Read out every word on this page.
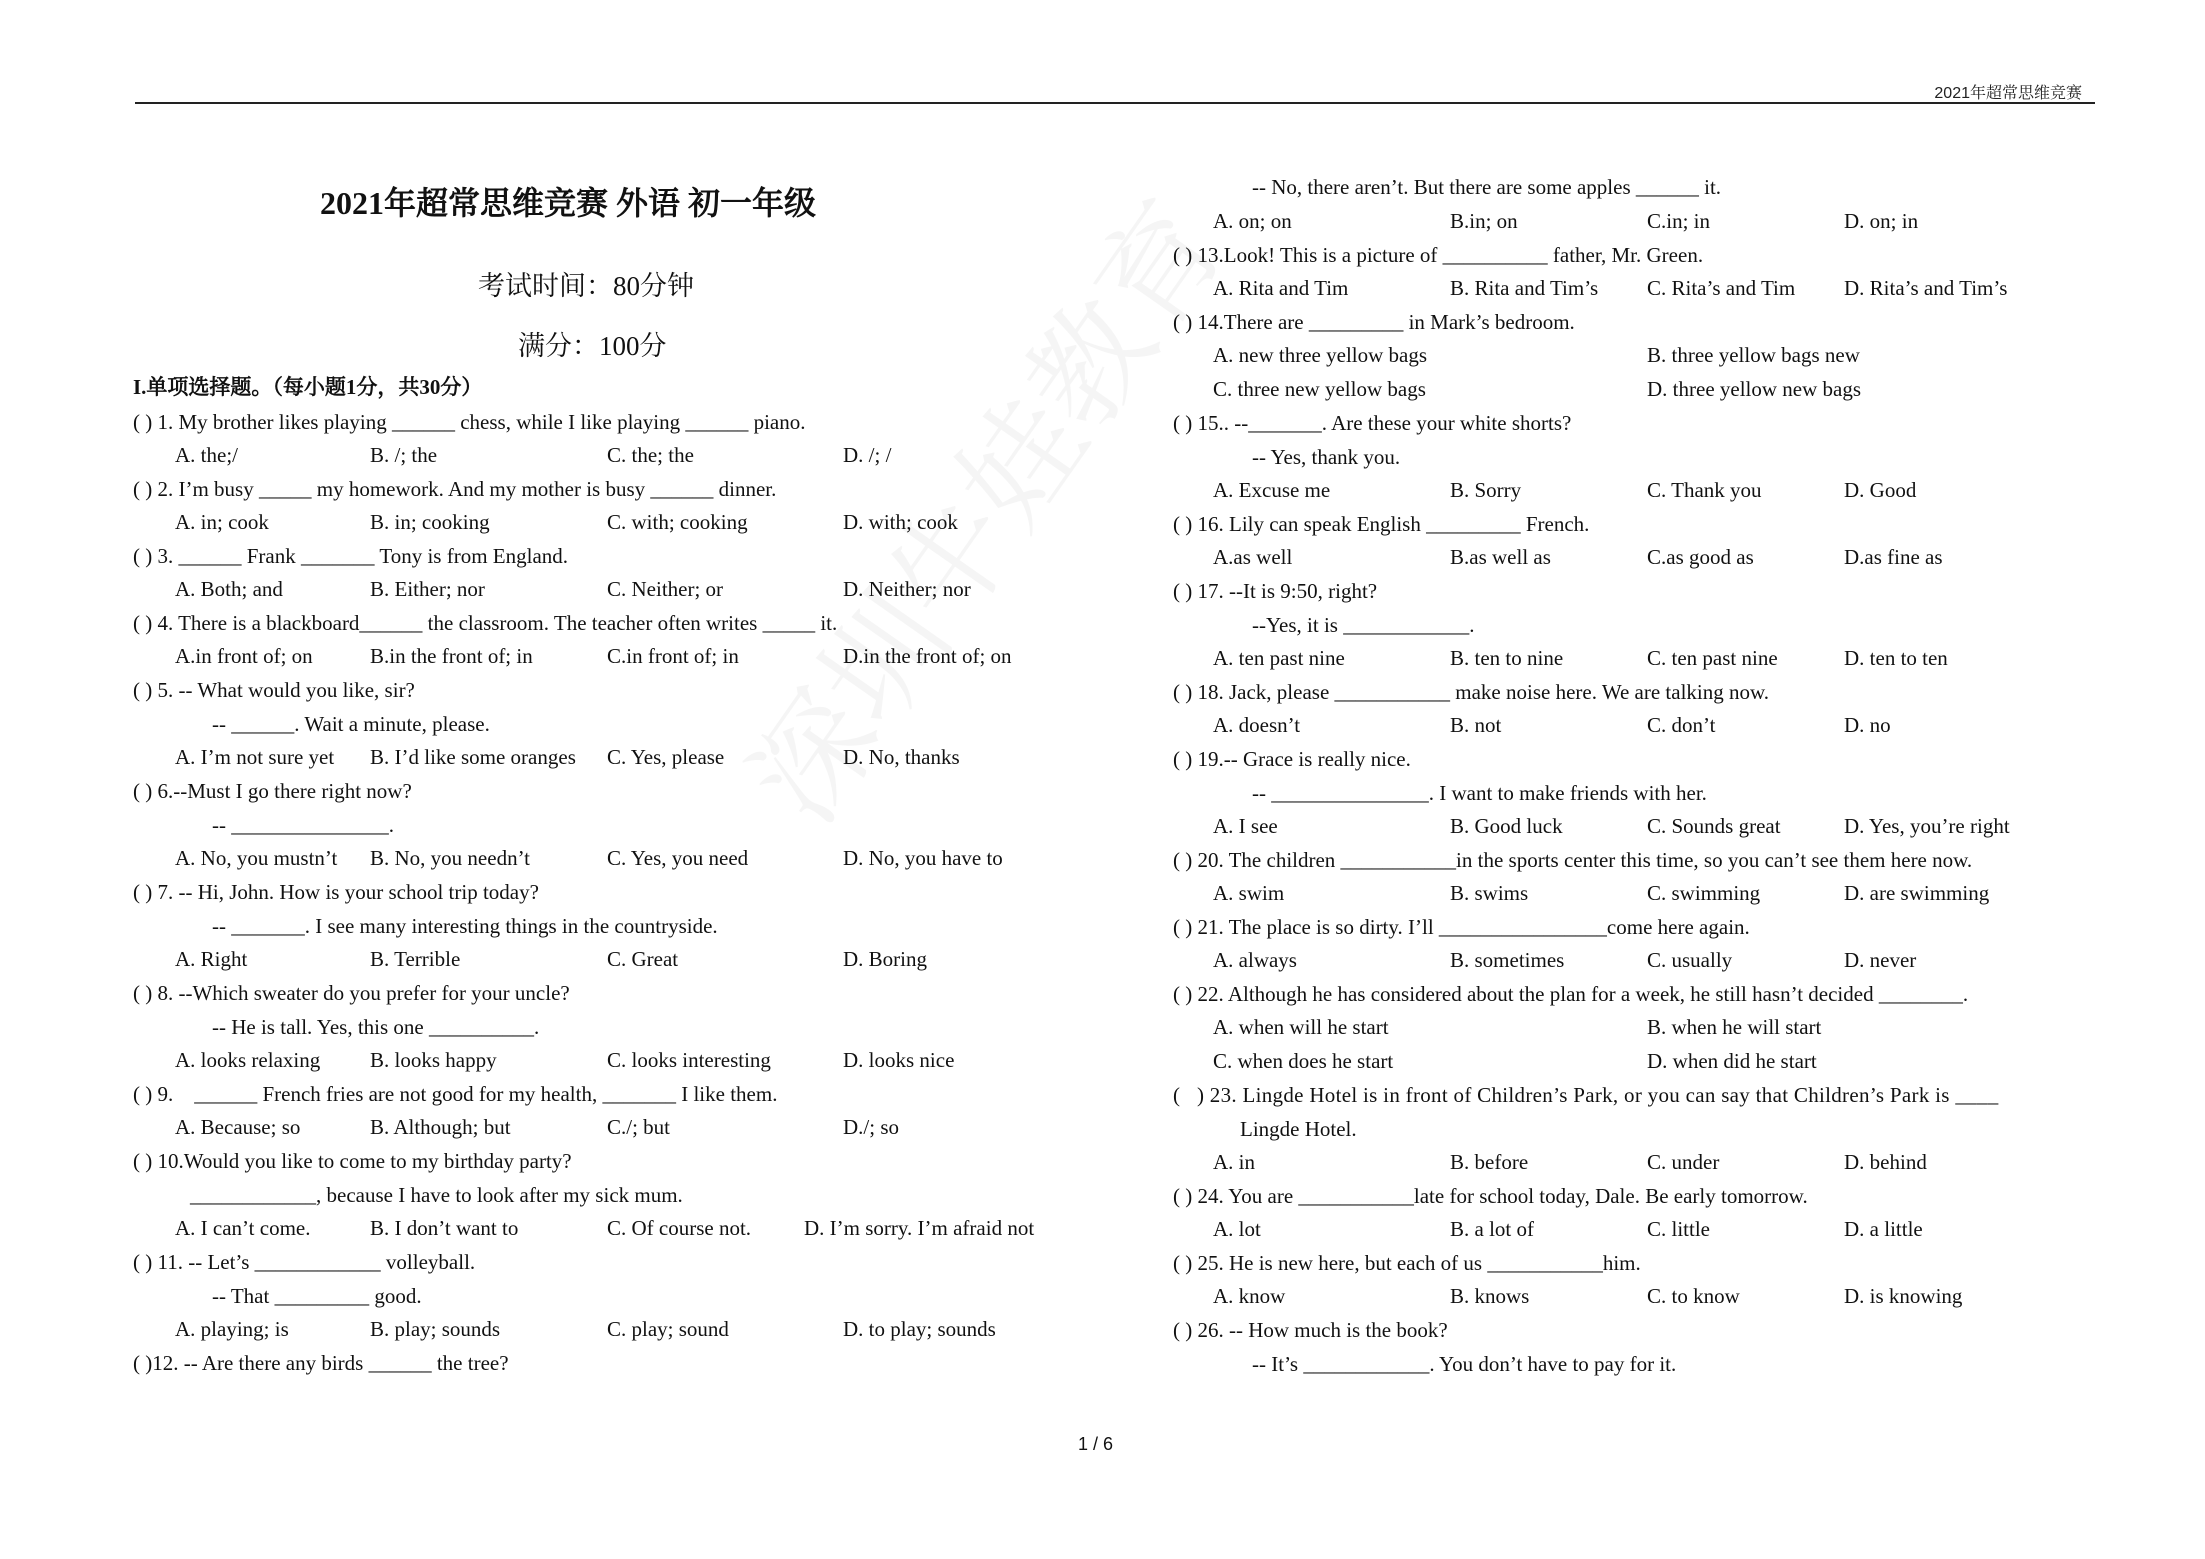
2021年超常思维竞赛
2021年超常思维竞赛 外语 初一年级
考试时间：80分钟
满分：100分
I.单项选择题。（每小题1分，共30分）
( ) 1. My brother likes playing ______ chess, while I like playing ______ piano.
A. the;/	B. /; the	C. the; the	D. /; /
( ) 2. I’m busy _____ my homework. And my mother is busy ______ dinner.
A. in; cook	B. in; cooking	C. with; cooking	D. with; cook
( ) 3. ______ Frank _______ Tony is from England.
A. Both; and	B. Either; nor	C. Neither; or	D. Neither; nor
( ) 4. There is a blackboard______ the classroom. The teacher often writes _____ it.
A.in front of; on	B.in the front of; in	C.in front of; in	D.in the front of; on
( ) 5. -- What would you like, sir?
-- ______. Wait a minute, please.
A. I’m not sure yet B. I’d like some oranges C. Yes, please	D. No, thanks
( ) 6.--Must I go there right now?
-- _______________.
A. No, you mustn’t B. No, you needn’t	C. Yes, you need	D. No, you have to
( ) 7. -- Hi, John. How is your school trip today?
-- _______. I see many interesting things in the countryside.
A. Right	B. Terrible	C. Great	D. Boring
( ) 8. --Which sweater do you prefer for your uncle?
-- He is tall. Yes, this one __________.
A. looks relaxing B. looks happy	C. looks interesting	D. looks nice
( ) 9.    ______ French fries are not good for my health, _______ I like them.
A. Because; so	B. Although; but	C./; but	D./; so
( ) 10.Would you like to come to my birthday party?
____________, because I have to look after my sick mum.
A. I can’t come.	B. I don’t want to	C. Of course not.	D. I’m sorry. I’m afraid not
( ) 11. -- Let’s ____________ volleyball.
-- That _________ good.
A. playing; is	B. play; sounds	C. play; sound	D. to play; sounds
( )12. -- Are there any birds ______ the tree?
-- No, there aren’t. But there are some apples ______ it.
A. on; on	B.in; on	C.in; in	D. on; in
( ) 13.Look! This is a picture of __________ father, Mr. Green.
A. Rita and Tim	B. Rita and Tim’s C. Rita’s and Tim D. Rita’s and Tim’s
( ) 14.There are _________ in Mark’s bedroom.
A. new three yellow bags	B. three yellow bags new
C. three new yellow bags	D. three yellow new bags
( ) 15.. --_______. Are these your white shorts?
-- Yes, thank you.
A. Excuse me	B. Sorry	C. Thank you	D. Good
( ) 16. Lily can speak English _________ French.
A.as well	B.as well as	C.as good as	D.as fine as
( ) 17. --It is 9:50, right?
--Yes, it is ____________.
A. ten past nine	B. ten to nine	C. ten past nine	D. ten to ten
( ) 18. Jack, please ___________ make noise here. We are talking now.
A. doesn’t	B. not	C. don’t	D. no
( ) 19.-- Grace is really nice.
-- _______________. I want to make friends with her.
A. I see	B. Good luck	C. Sounds great	D. Yes, you’re right
( ) 20. The children ___________in the sports center this time, so you can’t see them here now.
A. swim	B. swims	C. swimming	D. are swimming
( ) 21. The place is so dirty. I’ll ________________come here again.
A. always	B. sometimes	C. usually	D. never
( ) 22. Although he has considered about the plan for a week, he still hasn’t decided ________.
A. when will he start	B. when he will start
C. when does he start	D. when did he start
(   ) 23. Lingde Hotel is in front of Children’s Park, or you can say that Children’s Park is ____
Lingde Hotel.
A. in	B. before	C. under	D. behind
( ) 24. You are ___________late for school today, Dale. Be early tomorrow.
A. lot	B. a lot of	C. little	D. a little
( ) 25. He is new here, but each of us ___________him.
A. know	B. knows	C. to know	D. is knowing
( ) 26. -- How much is the book?
-- It’s ____________. You don’t have to pay for it.
1 / 6
